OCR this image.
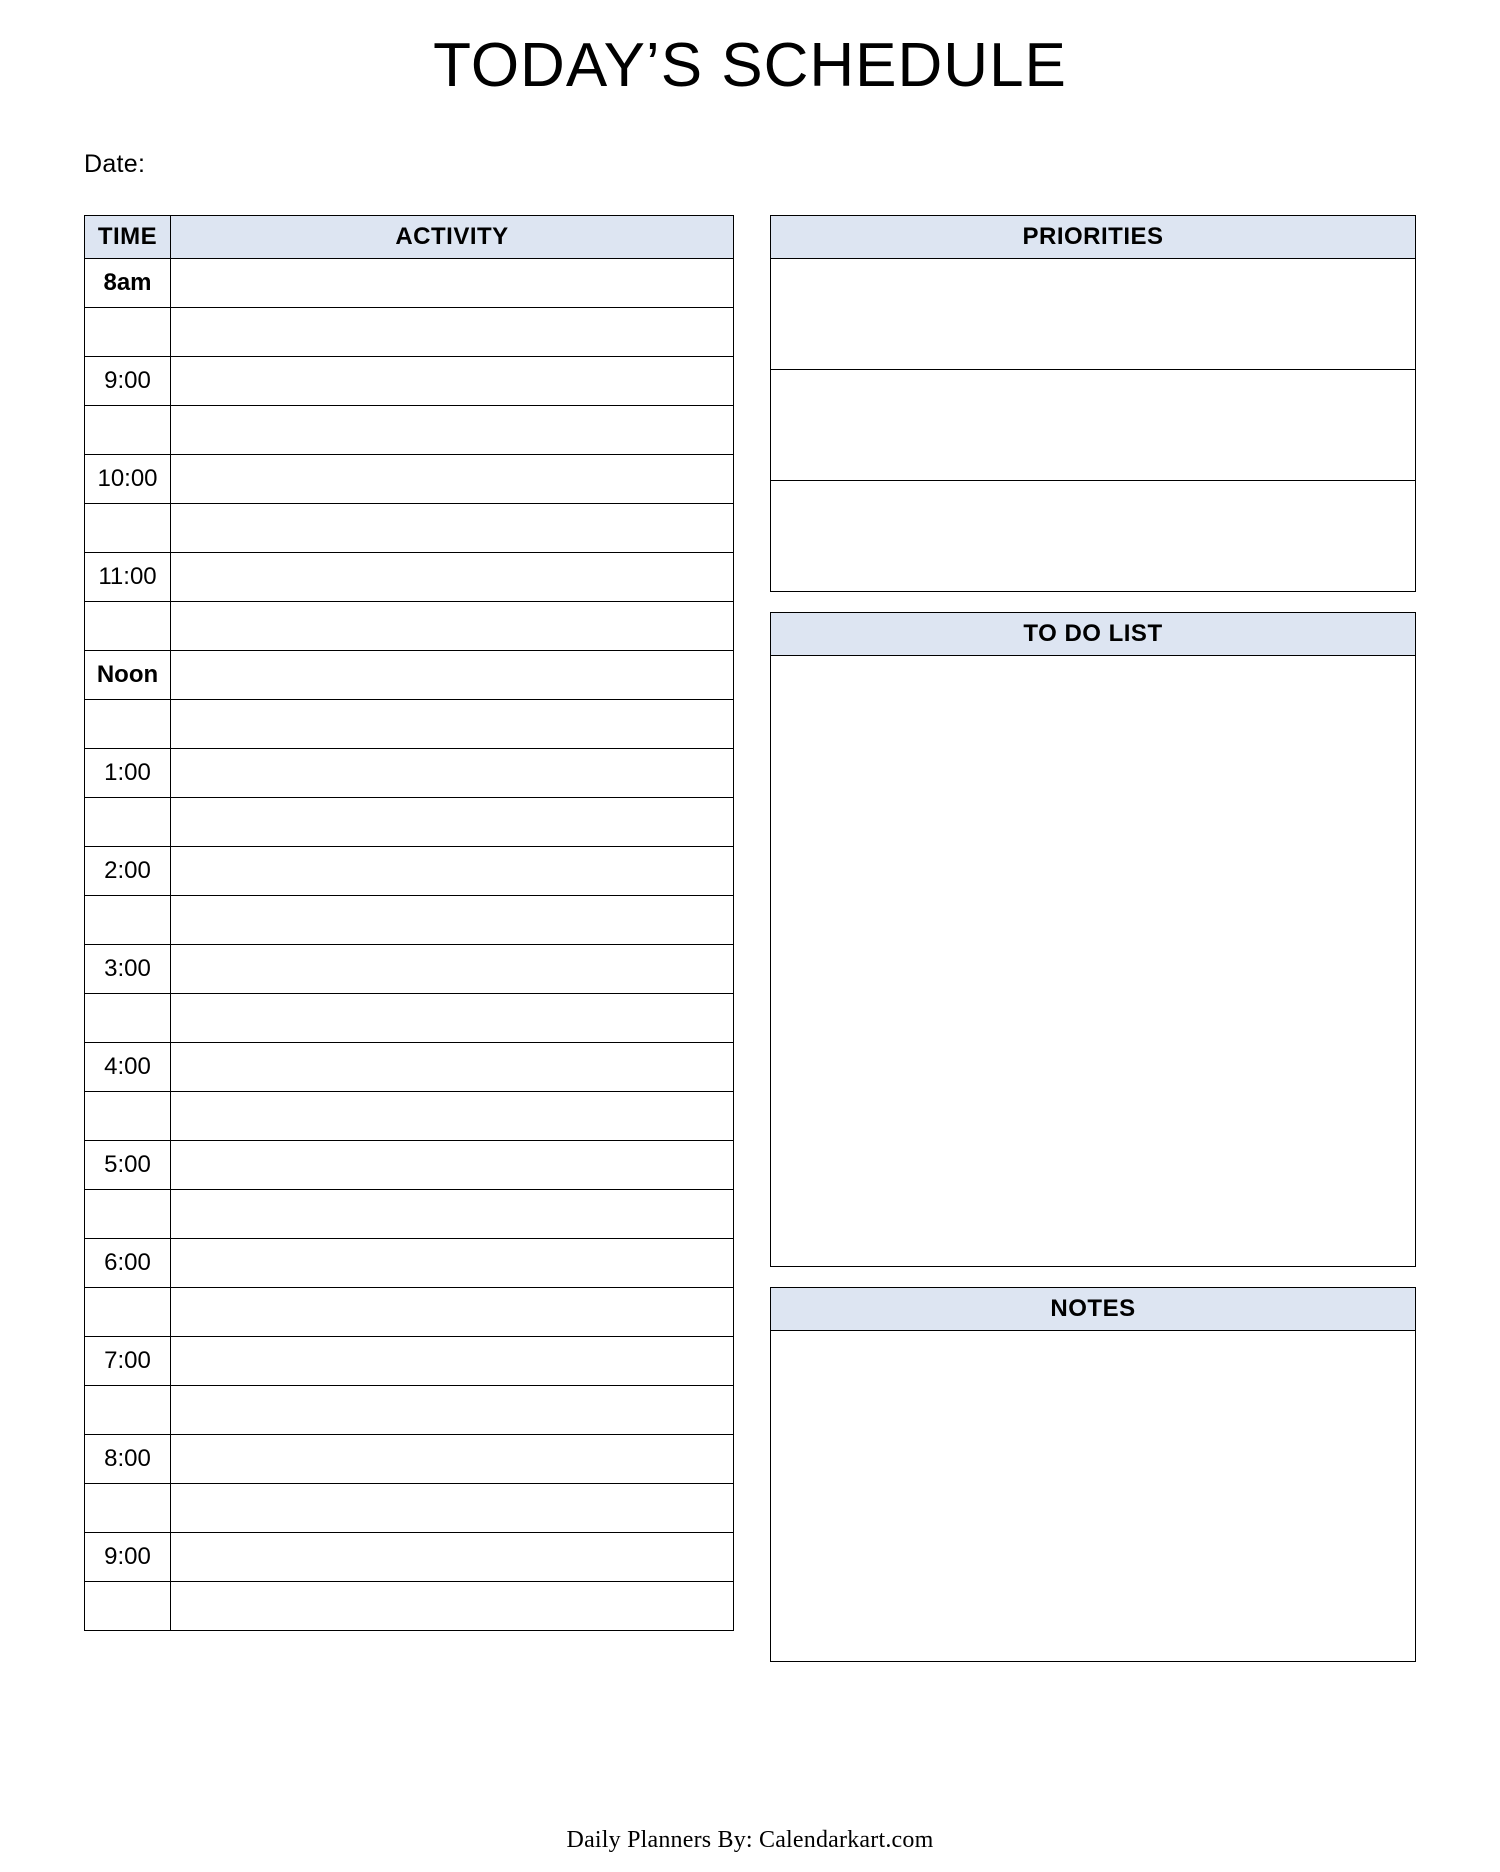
TODAY’S SCHEDULE
Date:
TIME	ACTIVITY
8am	

9:00	

10:00	

11:00	

Noon	

1:00	

2:00	

3:00	

4:00	

5:00	

6:00	

7:00	

8:00	

9:00	

PRIORITIES

TO DO LIST

NOTES

Daily Planners By: Calendarkart.com
